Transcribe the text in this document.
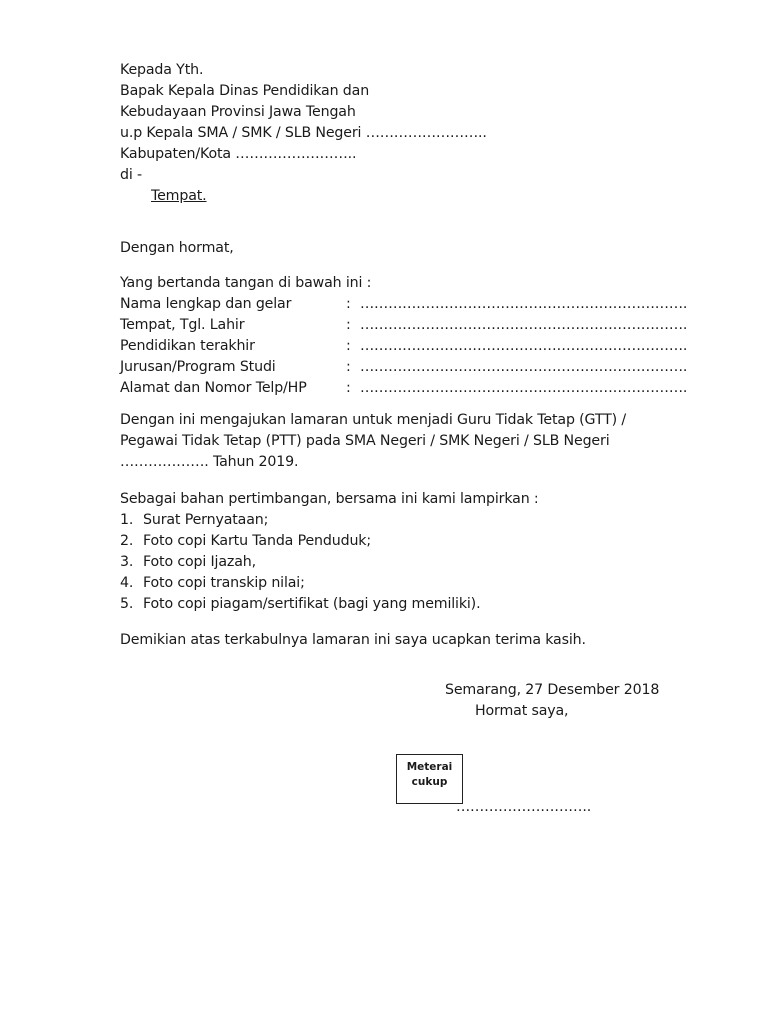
Kepada Yth.
Bapak Kepala Dinas Pendidikan dan
Kebudayaan Provinsi Jawa Tengah
u.p Kepala SMA / SMK / SLB Negeri ……………………..
Kabupaten/Kota ……………………..
di -
Tempat.
Dengan hormat,
Yang bertanda tangan di bawah ini :
Nama lengkap dan gelar	: …………………………………………………………….
Tempat, Tgl. Lahir	: …………………………………………………………….
Pendidikan terakhir	: …………………………………………………………….
Jurusan/Program Studi	: …………………………………………………………….
Alamat dan Nomor Telp/HP	: …………………………………………………………….
Dengan ini mengajukan lamaran untuk menjadi Guru Tidak Tetap (GTT) /
Pegawai Tidak Tetap (PTT) pada SMA Negeri / SMK Negeri / SLB Negeri
………………. Tahun 2019.
Sebagai bahan pertimbangan, bersama ini kami lampirkan :
1. Surat Pernyataan;
2. Foto copi Kartu Tanda Penduduk;
3. Foto copi Ijazah,
4. Foto copi transkip nilai;
5. Foto copi piagam/sertifikat (bagi yang memiliki).
Demikian atas terkabulnya lamaran ini saya ucapkan terima kasih.
Semarang, 27 Desember 2018
Hormat saya,
Meterai
cukup
………………………..
